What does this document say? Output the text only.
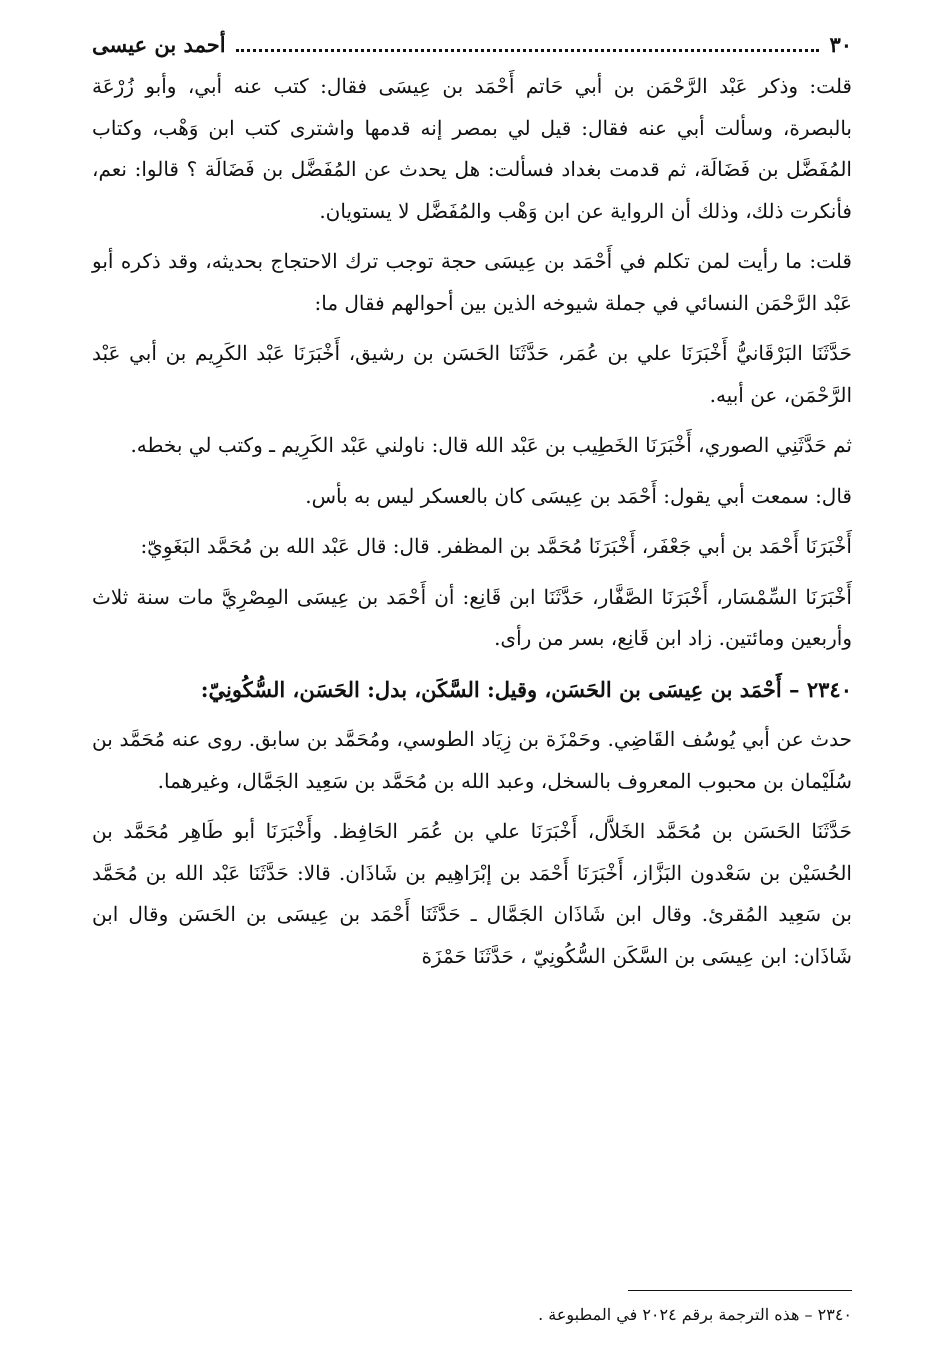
٣٠
أحمد بن عيسى

قلت: وذكر عَبْد الرَّحْمَن بن أبي حَاتم أَحْمَد بن عِيسَى فقال: كتب عنه أبي، وأبو زُرْعَة بالبصرة، وسألت أبي عنه فقال: قيل لي بمصر إنه قدمها واشترى كتب ابن وَهْب، وكتاب المُفَضَّل بن فَضَالَة، ثم قدمت بغداد فسألت: هل يحدث عن المُفَضَّل بن فَضَالَة ؟ قالوا: نعم، فأنكرت ذلك، وذلك أن الرواية عن ابن وَهْب والمُفَضَّل لا يستويان.

قلت: ما رأيت لمن تكلم في أَحْمَد بن عِيسَى حجة توجب ترك الاحتجاج بحديثه، وقد ذكره أبو عَبْد الرَّحْمَن النسائي في جملة شيوخه الذين بين أحوالهم فقال ما:

حَدَّثَنَا البَرْقَانيُّ أَخْبَرَنَا علي بن عُمَر، حَدَّثَنَا الحَسَن بن رشيق، أَخْبَرَنَا عَبْد الكَرِيم بن أبي عَبْد الرَّحْمَن، عن أبيه.

ثم حَدَّثَنِي الصوري، أَخْبَرَنَا الخَطِيب بن عَبْد الله قال: ناولني عَبْد الكَرِيم ـ وكتب لي بخطه.

قال: سمعت أبي يقول: أَحْمَد بن عِيسَى كان بالعسكر ليس به بأس.

أَخْبَرَنَا أَحْمَد بن أبي جَعْفَر، أَخْبَرَنَا مُحَمَّد بن المظفر. قال: قال عَبْد الله بن مُحَمَّد البَغَوِيّ:

أَخْبَرَنَا السِّمْسَار، أَخْبَرَنَا الصَّفَّار، حَدَّثَنَا ابن قَانِع: أن أَحْمَد بن عِيسَى المِصْرِيَّ مات سنة ثلاث وأربعين ومائتين. زاد ابن قَانِع، بسر من رأى.

٢٣٤٠ – أَحْمَد بن عِيسَى بن الحَسَن، وقيل: السَّكَن، بدل: الحَسَن، السُّكُونِيّ:

حدث عن أبي يُوسُف القَاضِي. وحَمْزَة بن زِيَاد الطوسي، ومُحَمَّد بن سابق. روى عنه مُحَمَّد بن سُلَيْمان بن محبوب المعروف بالسخل، وعبد الله بن مُحَمَّد بن سَعِيد الجَمَّال، وغيرهما.

حَدَّثَنَا الحَسَن بن مُحَمَّد الخَلاَّل، أَخْبَرَنَا علي بن عُمَر الحَافِظ. وأَخْبَرَنَا أبو طَاهِر مُحَمَّد بن الحُسَيْن بن سَعْدون البَزَّاز، أَخْبَرَنَا أَحْمَد بن إبْرَاهِيم بن شَاذَان. قالا: حَدَّثَنَا عَبْد الله بن مُحَمَّد بن سَعِيد المُقرئ. وقال ابن شَاذَان الجَمَّال ـ حَدَّثَنَا أَحْمَد بن عِيسَى بن الحَسَن وقال ابن شَاذَان: ابن عِيسَى بن السَّكَن السُّكُونِيّ ، حَدَّثَنَا حَمْزَة

٢٣٤٠ – هذه الترجمة برقم ٢٠٢٤ في المطبوعة .
